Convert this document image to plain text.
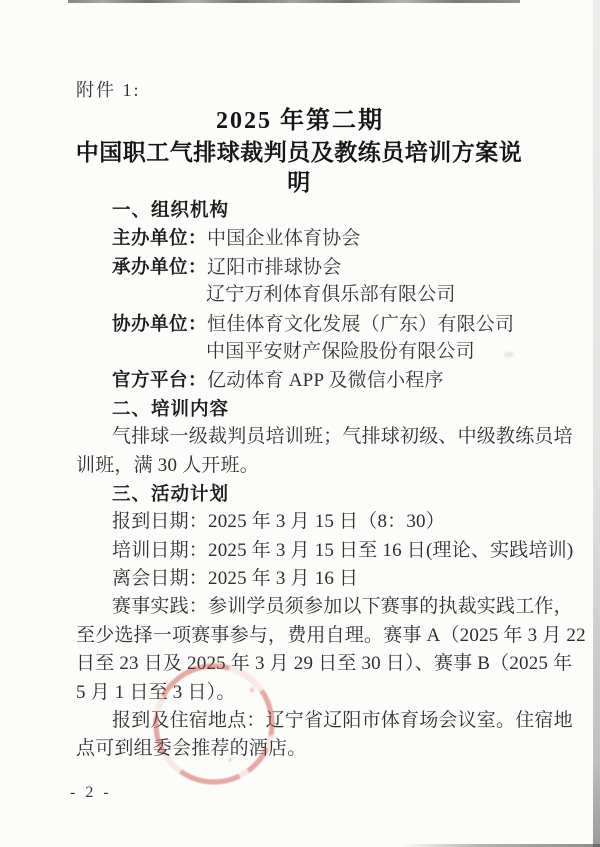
附件 1:
2025 年第二期
中国职工气排球裁判员及教练员培训方案说明
一、组织机构
主办单位：中国企业体育协会
承办单位：辽阳市排球协会
辽宁万利体育俱乐部有限公司
协办单位：恒佳体育文化发展（广东）有限公司
中国平安财产保险股份有限公司
官方平台：亿动体育 APP 及微信小程序
二、培训内容
气排球一级裁判员培训班；气排球初级、中级教练员培
训班，满 30 人开班。
三、活动计划
报到日期：2025 年 3 月 15 日（8：30）
培训日期：2025 年 3 月 15 日至 16 日(理论、实践培训)
离会日期：2025 年 3 月 16 日
赛事实践：参训学员须参加以下赛事的执裁实践工作，
至少选择一项赛事参与，费用自理。赛事 A（2025 年 3 月 22
日至 23 日及 2025 年 3 月 29 日至 30 日）、赛事 B（2025 年
5 月 1 日至 3 日）。
报到及住宿地点：辽宁省辽阳市体育场会议室。住宿地
点可到组委会推荐的酒店。
- 2 -
